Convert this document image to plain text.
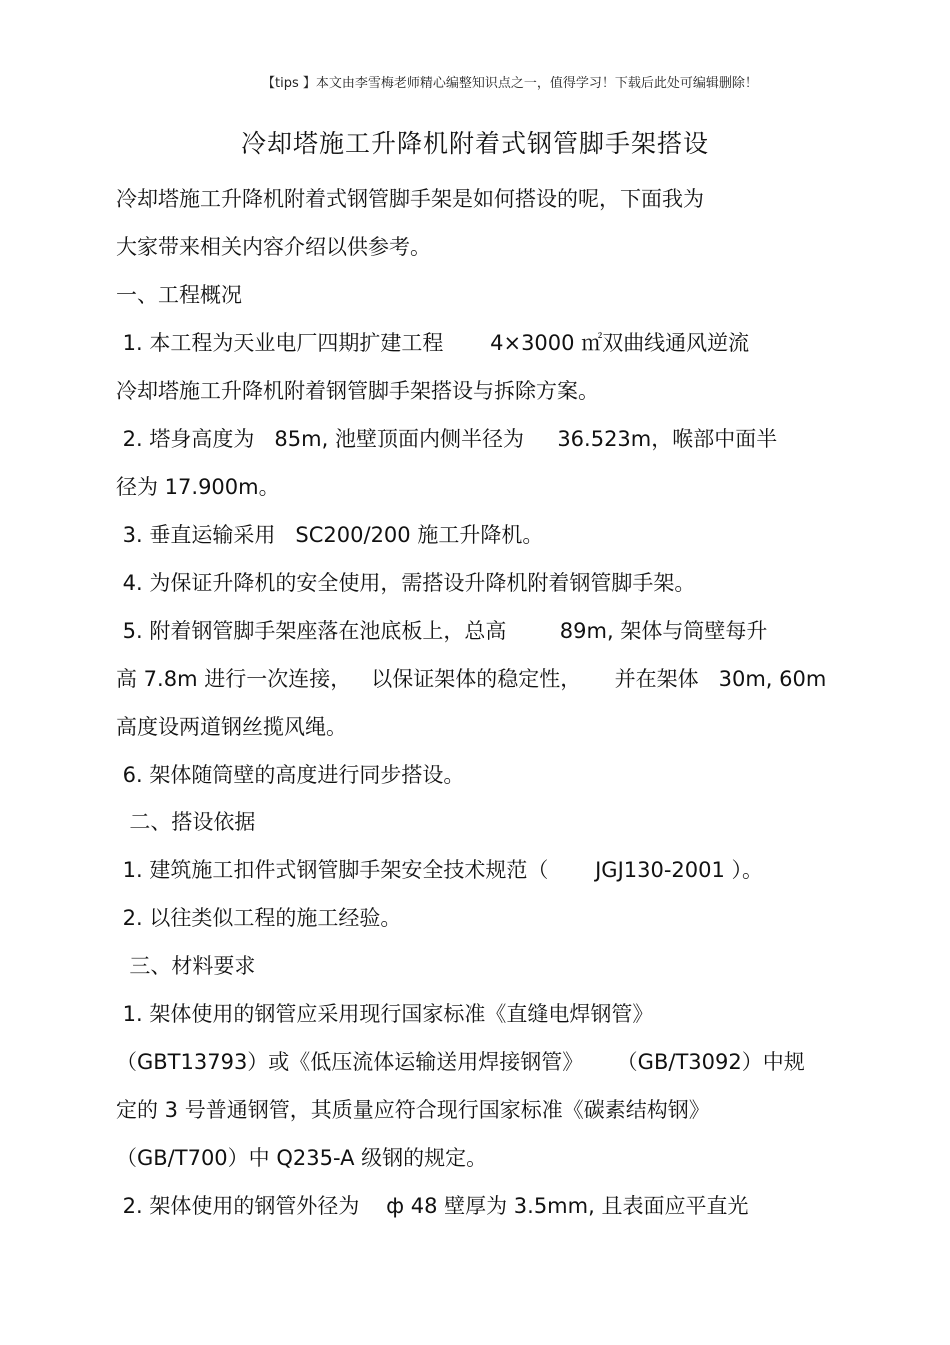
【tips 】本文由李雪梅老师精心编整知识点之一，值得学习！下载后此处可编辑删除！
冷却塔施工升降机附着式钢管脚手架搭设
冷却塔施工升降机附着式钢管脚手架是如何搭设的呢，下面我为
大家带来相关内容介绍以供参考。
一、工程概况
1. 本工程为天业电厂四期扩建工程       4×3000 ㎡双曲线通风逆流
冷却塔施工升降机附着钢管脚手架搭设与拆除方案。
2. 塔身高度为   85m, 池壁顶面内侧半径为     36.523m，喉部中面半
径为 17.900m。
3. 垂直运输采用   SC200/200 施工升降机。
4. 为保证升降机的安全使用，需搭设升降机附着钢管脚手架。
5. 附着钢管脚手架座落在池底板上，总高        89m, 架体与筒壁每升
高 7.8m 进行一次连接，   以保证架体的稳定性，     并在架体   30m, 60m
高度设两道钢丝揽风绳。
6. 架体随筒壁的高度进行同步搭设。
二、搭设依据
1. 建筑施工扣件式钢管脚手架安全技术规范（       JGJ130-2001 ）。
2. 以往类似工程的施工经验。
三、材料要求
1. 架体使用的钢管应采用现行国家标准《直缝电焊钢管》
（GBT13793）或《低压流体运输送用焊接钢管》     （GB/T3092）中规
定的 3 号普通钢管，其质量应符合现行国家标准《碳素结构钢》
（GB/T700）中 Q235-A 级钢的规定。
2. 架体使用的钢管外径为    ф 48 壁厚为 3.5mm, 且表面应平直光
